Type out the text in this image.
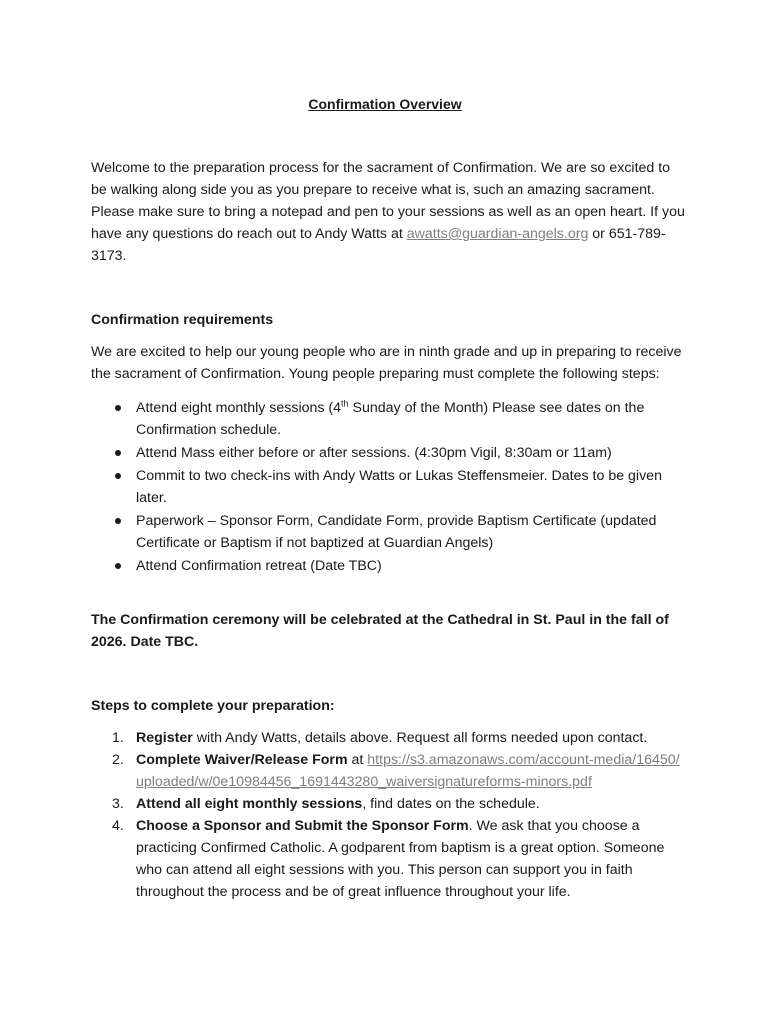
Confirmation Overview

Welcome to the preparation process for the sacrament of Confirmation. We are so excited to be walking along side you as you prepare to receive what is, such an amazing sacrament. Please make sure to bring a notepad and pen to your sessions as well as an open heart. If you have any questions do reach out to Andy Watts at awatts@guardian-angels.org or 651-789-3173.

Confirmation requirements

We are excited to help our young people who are in ninth grade and up in preparing to receive the sacrament of Confirmation. Young people preparing must complete the following steps:

Attend eight monthly sessions (4th Sunday of the Month) Please see dates on the Confirmation schedule.
Attend Mass either before or after sessions. (4:30pm Vigil, 8:30am or 11am)
Commit to two check-ins with Andy Watts or Lukas Steffensmeier. Dates to be given later.
Paperwork – Sponsor Form, Candidate Form, provide Baptism Certificate (updated Certificate or Baptism if not baptized at Guardian Angels)
Attend Confirmation retreat (Date TBC)

The Confirmation ceremony will be celebrated at the Cathedral in St. Paul in the fall of 2026. Date TBC.

Steps to complete your preparation:

1. Register with Andy Watts, details above. Request all forms needed upon contact.
2. Complete Waiver/Release Form at https://s3.amazonaws.com/account-media/16450/uploaded/w/0e10984456_1691443280_waiversignatureforms-minors.pdf
3. Attend all eight monthly sessions, find dates on the schedule.
4. Choose a Sponsor and Submit the Sponsor Form. We ask that you choose a practicing Confirmed Catholic. A godparent from baptism is a great option. Someone who can attend all eight sessions with you. This person can support you in faith throughout the process and be of great influence throughout your life.
